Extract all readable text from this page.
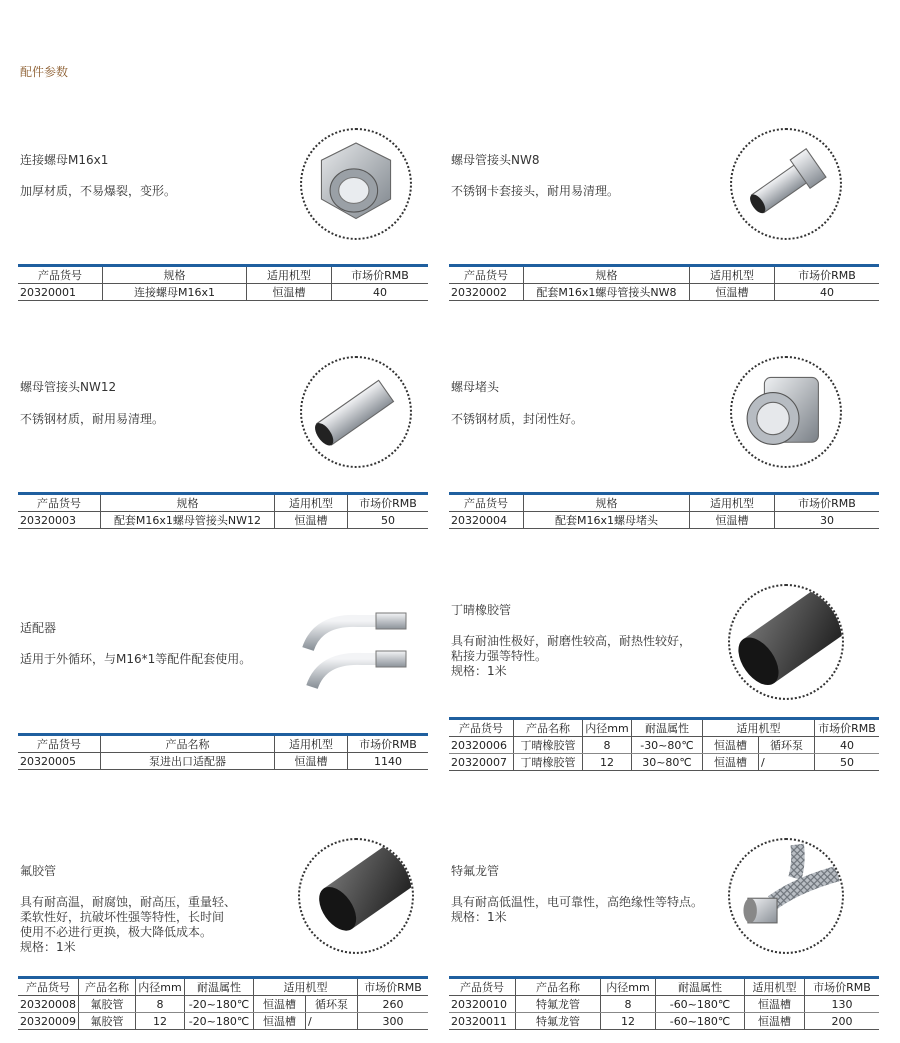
配件参数
连接螺母M16x1
加厚材质，不易爆裂，变形。
产品货号	规格	适用机型	市场价RMB
20320001	连接螺母M16x1	恒温槽	40
螺母管接头NW8
不锈钢卡套接头，耐用易清理。
产品货号	规格	适用机型	市场价RMB
20320002	配套M16x1螺母管接头NW8	恒温槽	40
螺母管接头NW12
不锈钢材质，耐用易清理。
产品货号	规格	适用机型	市场价RMB
20320003	配套M16x1螺母管接头NW12	恒温槽	50
螺母堵头
不锈钢材质，封闭性好。
产品货号	规格	适用机型	市场价RMB
20320004	配套M16x1螺母堵头	恒温槽	30
适配器
适用于外循环，与M16*1等配件配套使用。
产品货号	产品名称	适用机型	市场价RMB
20320005	泵进出口适配器	恒温槽	1140
丁晴橡胶管
具有耐油性极好，耐磨性较高，耐热性较好，
粘接力强等特性。
规格：1米
产品货号	产品名称	内径mm	耐温属性	适用机型		市场价RMB
20320006	丁晴橡胶管	8	-30~80℃	恒温槽	循环泵	40
20320007	丁晴橡胶管	12	30~80℃	恒温槽	/	50
氟胶管
具有耐高温，耐腐蚀，耐高压，重量轻、
柔软性好，抗破坏性强等特性，长时间
使用不必进行更换，极大降低成本。
规格：1米
产品货号	产品名称	内径mm	耐温属性	适用机型		市场价RMB
20320008	氟胶管	8	-20~180℃	恒温槽	循环泵	260
20320009	氟胶管	12	-20~180℃	恒温槽	/	300
特氟龙管
具有耐高低温性，电可靠性，高绝缘性等特点。
规格：1米
产品货号	产品名称	内径mm	耐温属性	适用机型	市场价RMB
20320010	特氟龙管	8	-60~180℃	恒温槽	130
20320011	特氟龙管	12	-60~180℃	恒温槽	200
